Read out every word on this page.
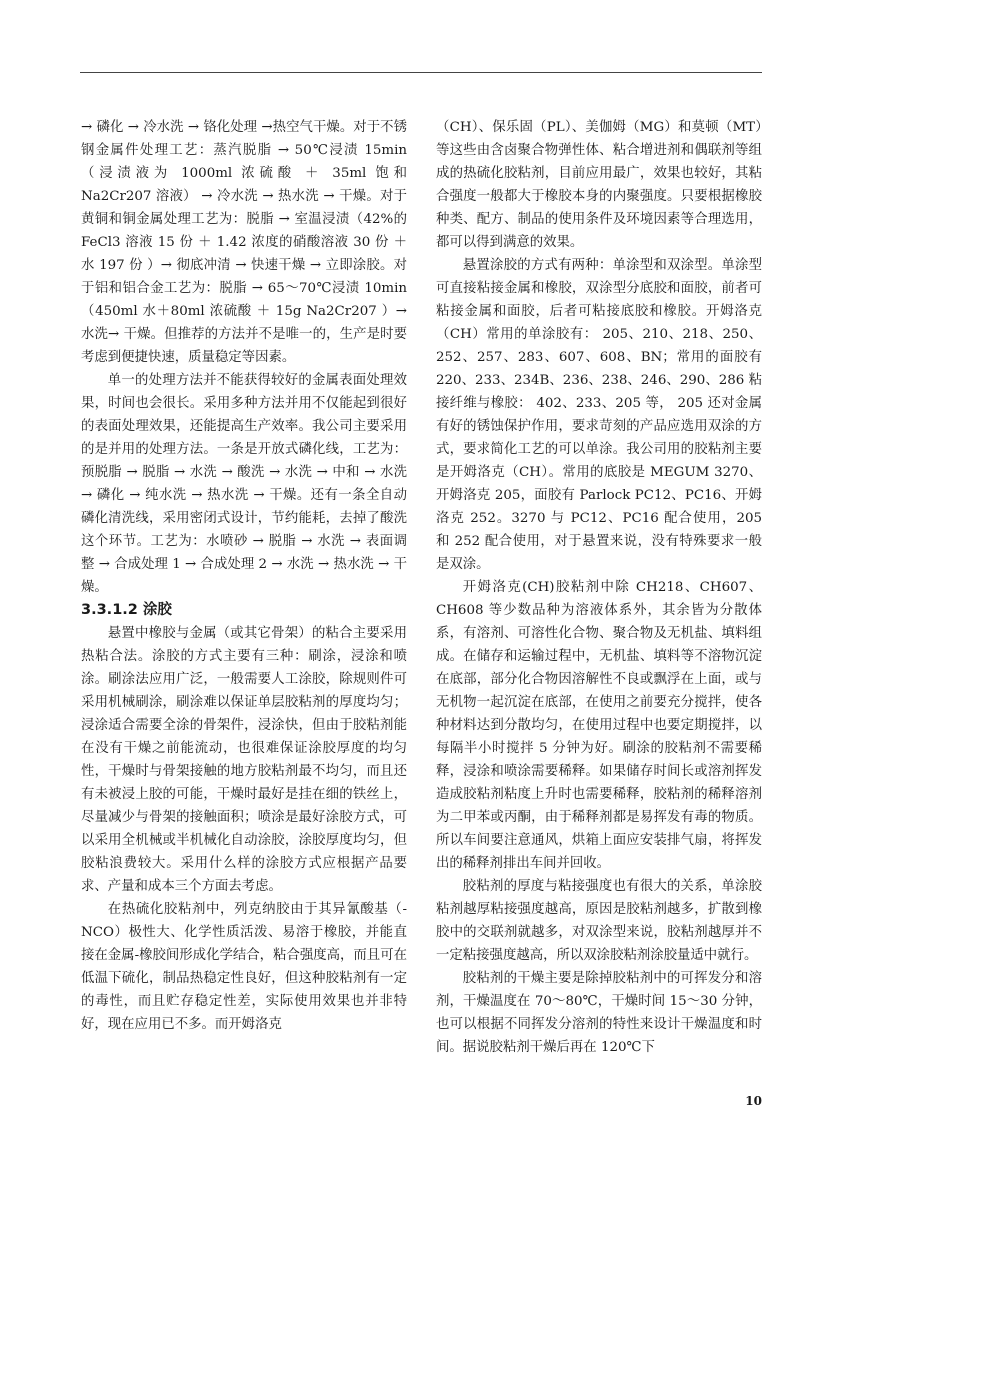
→ 磷化 → 冷水洗 → 铬化处理 →热空气干燥。对于不锈钢金属件处理工艺：蒸汽脱脂 → 50℃浸渍 15min（浸渍液为 1000ml 浓硫酸 ＋ 35ml 饱和 Na2Cr207 溶液） → 冷水洗 → 热水洗 → 干燥。对于黄铜和铜金属处理工艺为：脱脂 → 室温浸渍（42%的 FeCl3 溶液 15 份 ＋ 1.42 浓度的硝酸溶液 30 份 ＋ 水 197 份 ）→ 彻底冲清 → 快速干燥 → 立即涂胶。对于铝和铝合金工艺为：脱脂 → 65～70℃浸渍 10min（450ml 水＋80ml 浓硫酸 ＋ 15g Na2Cr207 ）→ 水洗→ 干燥。但推荐的方法并不是唯一的，生产是时要考虑到便捷快速，质量稳定等因素。

单一的处理方法并不能获得较好的金属表面处理效果，时间也会很长。采用多种方法并用不仅能起到很好的表面处理效果，还能提高生产效率。我公司主要采用的是并用的处理方法。一条是开放式磷化线，工艺为：预脱脂 → 脱脂 → 水洗 → 酸洗 → 水洗 → 中和 → 水洗 → 磷化 → 纯水洗 → 热水洗 → 干燥。还有一条全自动磷化清洗线，采用密闭式设计，节约能耗，去掉了酸洗这个环节。工艺为：水喷砂 → 脱脂 → 水洗 → 表面调整 → 合成处理 1 → 合成处理 2 → 水洗 → 热水洗 → 干燥。

3.3.1.2 涂胶

悬置中橡胶与金属（或其它骨架）的粘合主要采用热粘合法。涂胶的方式主要有三种：刷涂，浸涂和喷涂。刷涂法应用广泛，一般需要人工涂胶，除规则件可采用机械刷涂，刷涂难以保证单层胶粘剂的厚度均匀；浸涂适合需要全涂的骨架件，浸涂快，但由于胶粘剂能在没有干燥之前能流动，也很难保证涂胶厚度的均匀性，干燥时与骨架接触的地方胶粘剂最不均匀，而且还有未被浸上胶的可能，干燥时最好是挂在细的铁丝上，尽量减少与骨架的接触面积；喷涂是最好涂胶方式，可以采用全机械或半机械化自动涂胶，涂胶厚度均匀，但胶粘浪费较大。采用什么样的涂胶方式应根据产品要求、产量和成本三个方面去考虑。

在热硫化胶粘剂中，列克纳胶由于其异氰酸基（-NCO）极性大、化学性质活泼、易溶于橡胶，并能直接在金属-橡胶间形成化学结合，粘合强度高，而且可在低温下硫化，制品热稳定性良好，但这种胶粘剂有一定的毒性，而且贮存稳定性差，实际使用效果也并非特好，现在应用已不多。而开姆洛克

（CH）、保乐固（PL）、美伽姆（MG）和莫顿（MT）等这些由含卤聚合物弹性体、粘合增进剂和偶联剂等组成的热硫化胶粘剂，目前应用最广，效果也较好，其粘合强度一般都大于橡胶本身的内聚强度。只要根据橡胶种类、配方、制品的使用条件及环境因素等合理选用，都可以得到满意的效果。

悬置涂胶的方式有两种：单涂型和双涂型。单涂型可直接粘接金属和橡胶，双涂型分底胶和面胶，前者可粘接金属和面胶，后者可粘接底胶和橡胶。开姆洛克（CH）常用的单涂胶有： 205、210、218、250、252、257、283、607、608、BN；常用的面胶有 220、233、234B、236、238、246、290、286 粘接纤维与橡胶： 402、233、205 等， 205 还对金属有好的锈蚀保护作用，要求苛刻的产品应选用双涂的方式，要求简化工艺的可以单涂。我公司用的胶粘剂主要是开姆洛克（CH）。常用的底胶是 MEGUM 3270、开姆洛克 205，面胶有 Parlock PC12、PC16、开姆洛克 252。3270 与 PC12、PC16 配合使用，205 和 252 配合使用，对于悬置来说，没有特殊要求一般是双涂。

开姆洛克(CH)胶粘剂中除 CH218、CH607、CH608 等少数品种为溶液体系外，其余皆为分散体系，有溶剂、可溶性化合物、聚合物及无机盐、填料组成。在储存和运输过程中，无机盐、填料等不溶物沉淀在底部，部分化合物因溶解性不良或飘浮在上面，或与无机物一起沉淀在底部，在使用之前要充分搅拌，使各种材料达到分散均匀，在使用过程中也要定期搅拌，以每隔半小时搅拌 5 分钟为好。刷涂的胶粘剂不需要稀释，浸涂和喷涂需要稀释。如果储存时间长或溶剂挥发造成胶粘剂粘度上升时也需要稀释，胶粘剂的稀释溶剂为二甲苯或丙酮，由于稀释剂都是易挥发有毒的物质。所以车间要注意通风，烘箱上面应安装排气扇，将挥发出的稀释剂排出车间并回收。

胶粘剂的厚度与粘接强度也有很大的关系，单涂胶粘剂越厚粘接强度越高，原因是胶粘剂越多，扩散到橡胶中的交联剂就越多，对双涂型来说，胶粘剂越厚并不一定粘接强度越高，所以双涂胶粘剂涂胶量适中就行。

胶粘剂的干燥主要是除掉胶粘剂中的可挥发分和溶剂，干燥温度在 70～80℃，干燥时间 15～30 分钟，也可以根据不同挥发分溶剂的特性来设计干燥温度和时间。据说胶粘剂干燥后再在 120℃下

10
